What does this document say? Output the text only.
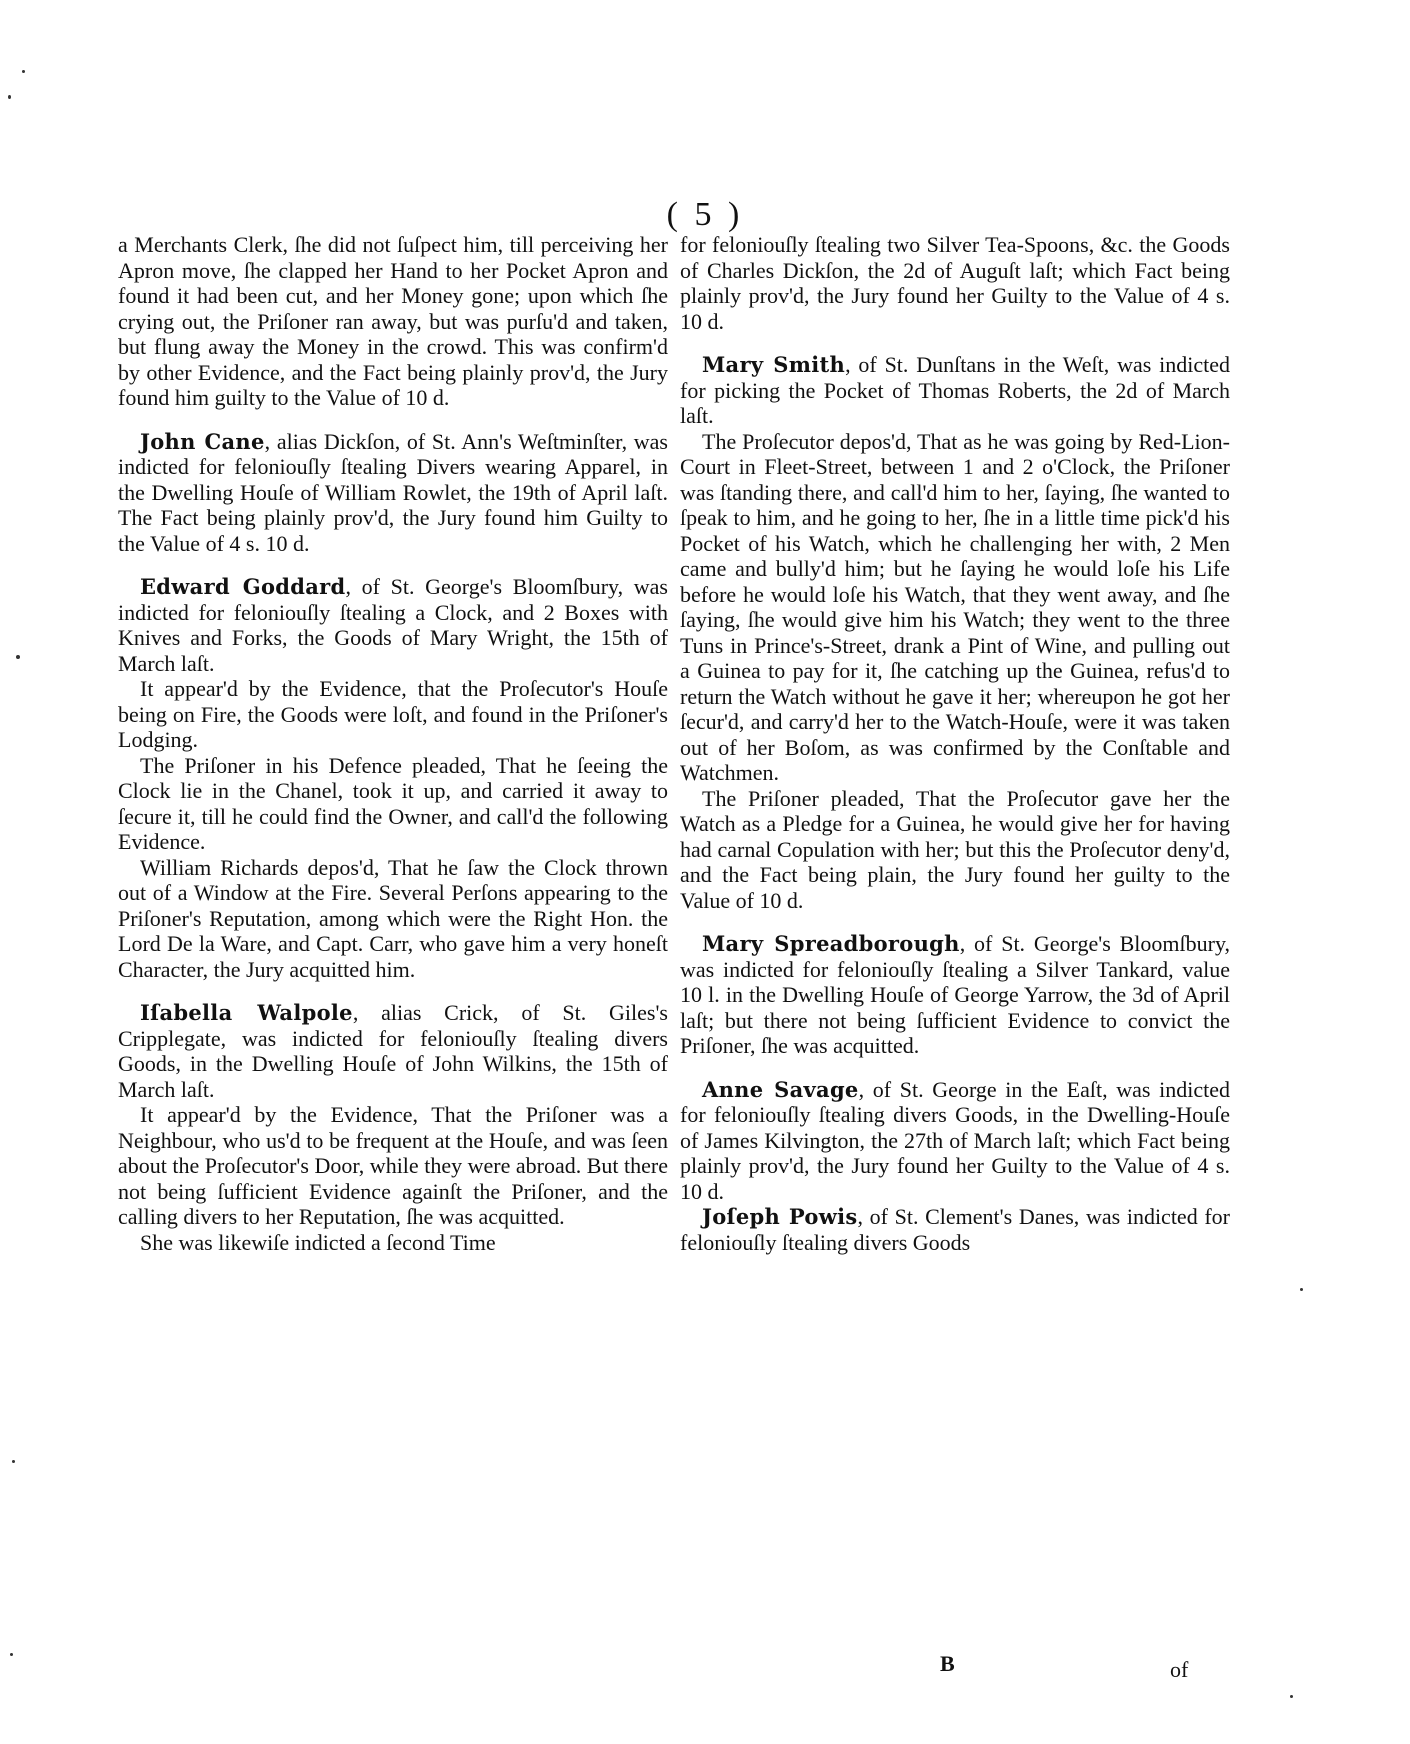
( 5 )

a Merchants Clerk, ſhe did not ſuſpect him, till perceiving her Apron move, ſhe clapped her Hand to her Pocket Apron and found it had been cut, and her Money gone; upon which ſhe crying out, the Priſoner ran away, but was purſu'd and taken, but flung away the Money in the crowd. This was confirm'd by other Evidence, and the Fact being plainly prov'd, the Jury found him guilty to the Value of 10 d.

John Cane, alias Dickſon, of St. Ann's Weſtminſter, was indicted for feloniouſly ſtealing Divers wearing Apparel, in the Dwelling Houſe of William Rowlet, the 19th of April laſt. The Fact being plainly prov'd, the Jury found him Guilty to the Value of 4 s. 10 d.

Edward Goddard, of St. George's Bloomſbury, was indicted for feloniouſly ſtealing a Clock, and 2 Boxes with Knives and Forks, the Goods of Mary Wright, the 15th of March laſt.

It appear'd by the Evidence, that the Proſecutor's Houſe being on Fire, the Goods were loſt, and found in the Priſoner's Lodging.

The Priſoner in his Defence pleaded, That he ſeeing the Clock lie in the Chanel, took it up, and carried it away to ſecure it, till he could find the Owner, and call'd the following Evidence.

William Richards depos'd, That he ſaw the Clock thrown out of a Window at the Fire. Several Perſons appearing to the Priſoner's Reputation, among which were the Right Hon. the Lord De la Ware, and Capt. Carr, who gave him a very honeſt Character, the Jury acquitted him.

Iſabella Walpole, alias Crick, of St. Giles's Cripplegate, was indicted for feloniouſly ſtealing divers Goods, in the Dwelling Houſe of John Wilkins, the 15th of March laſt.

It appear'd by the Evidence, That the Priſoner was a Neighbour, who us'd to be frequent at the Houſe, and was ſeen about the Proſecutor's Door, while they were abroad. But there not being ſufficient Evidence againſt the Priſoner, and the calling divers to her Reputation, ſhe was acquitted.

She was likewiſe indicted a ſecond Time

for feloniouſly ſtealing two Silver Tea-Spoons, &c. the Goods of Charles Dickſon, the 2d of Auguſt laſt; which Fact being plainly prov'd, the Jury found her Guilty to the Value of 4 s. 10 d.

Mary Smith, of St. Dunſtans in the Weſt, was indicted for picking the Pocket of Thomas Roberts, the 2d of March laſt.

The Proſecutor depos'd, That as he was going by Red-Lion-Court in Fleet-Street, between 1 and 2 o'Clock, the Priſoner was ſtanding there, and call'd him to her, ſaying, ſhe wanted to ſpeak to him, and he going to her, ſhe in a little time pick'd his Pocket of his Watch, which he challenging her with, 2 Men came and bully'd him; but he ſaying he would loſe his Life before he would loſe his Watch, that they went away, and ſhe ſaying, ſhe would give him his Watch; they went to the three Tuns in Prince's-Street, drank a Pint of Wine, and pulling out a Guinea to pay for it, ſhe catching up the Guinea, refus'd to return the Watch without he gave it her; whereupon he got her ſecur'd, and carry'd her to the Watch-Houſe, were it was taken out of her Boſom, as was confirmed by the Conſtable and Watchmen.

The Priſoner pleaded, That the Proſecutor gave her the Watch as a Pledge for a Guinea, he would give her for having had carnal Copulation with her; but this the Proſecutor deny'd, and the Fact being plain, the Jury found her guilty to the Value of 10 d.

Mary Spreadborough, of St. George's Bloomſbury, was indicted for feloniouſly ſtealing a Silver Tankard, value 10 l. in the Dwelling Houſe of George Yarrow, the 3d of April laſt; but there not being ſufficient Evidence to convict the Priſoner, ſhe was acquitted.

Anne Savage, of St. George in the Eaſt, was indicted for feloniouſly ſtealing divers Goods, in the Dwelling-Houſe of James Kilvington, the 27th of March laſt; which Fact being plainly prov'd, the Jury found her Guilty to the Value of 4 s. 10 d.

Joſeph Powis, of St. Clement's Danes, was indicted for feloniouſly ſtealing divers Goods

B	of
